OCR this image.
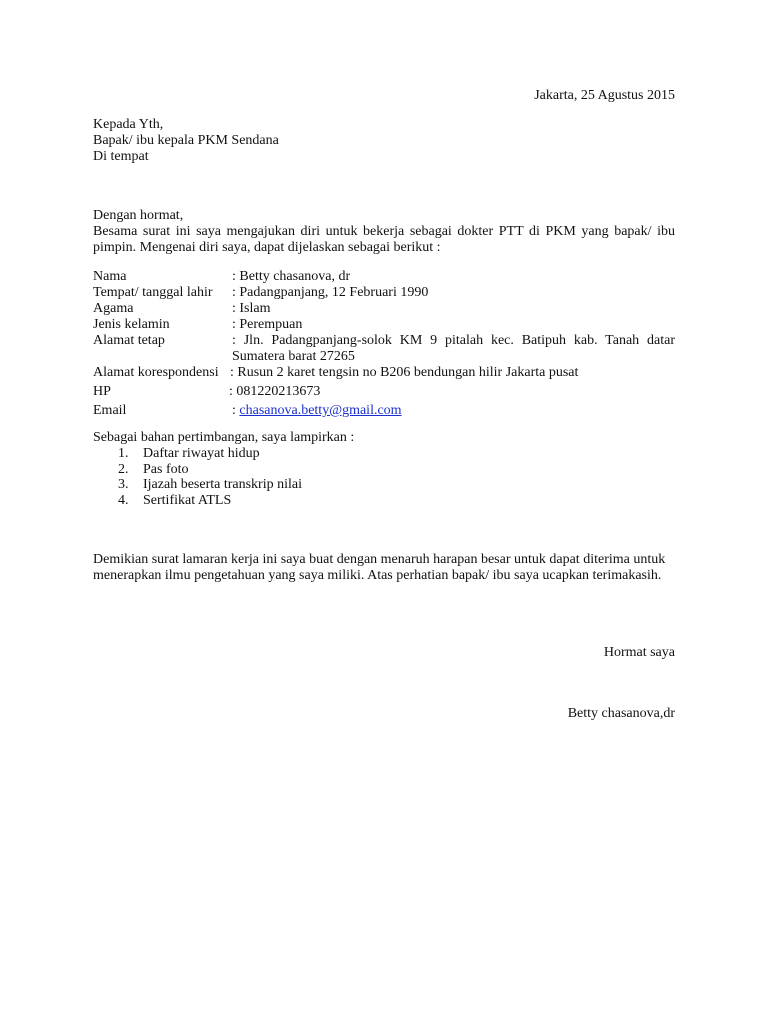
Jakarta, 25 Agustus 2015
Kepada Yth,
Bapak/ ibu kepala PKM Sendana
Di tempat
Dengan hormat,
Besama surat ini saya mengajukan diri untuk bekerja sebagai dokter PTT di PKM yang bapak/ ibu pimpin. Mengenai diri saya, dapat dijelaskan sebagai berikut :
Nama	: Betty chasanova, dr
Tempat/ tanggal lahir : Padangpanjang, 12 Februari 1990
Agama	: Islam
Jenis kelamin	: Perempuan
Alamat tetap	: Jln. Padangpanjang-solok KM 9 pitalah kec. Batipuh kab. Tanah datar Sumatera barat 27265
Alamat korespondensi : Rusun 2 karet tengsin no B206 bendungan hilir Jakarta pusat
HP	: 081220213673
Email	: chasanova.betty@gmail.com
Sebagai bahan pertimbangan, saya lampirkan :
1. Daftar riwayat hidup
2. Pas foto
3. Ijazah beserta transkrip nilai
4. Sertifikat ATLS
Demikian surat lamaran kerja ini saya buat dengan menaruh harapan besar untuk dapat diterima untuk menerapkan ilmu pengetahuan yang saya miliki. Atas perhatian bapak/ ibu saya ucapkan terimakasih.
Hormat saya
Betty chasanova,dr
